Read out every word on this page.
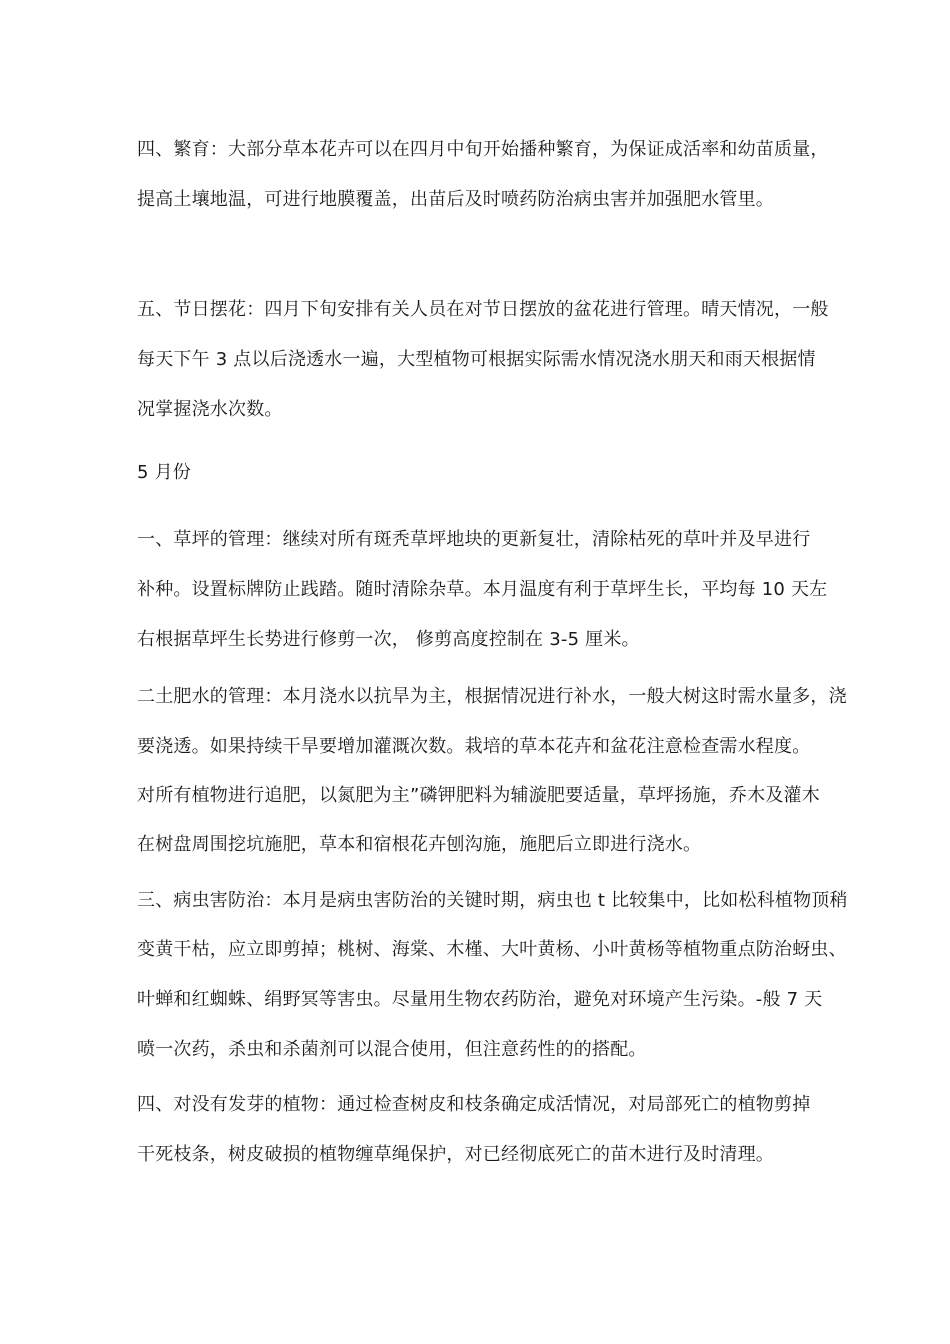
四、繁育：大部分草本花卉可以在四月中旬开始播种繁育，为保证成活率和幼苗质量，
提高土壤地温，可进行地膜覆盖，出苗后及时喷药防治病虫害并加强肥水管里。
五、节日摆花：四月下旬安排有关人员在对节日摆放的盆花进行管理。晴天情况，一般
每天下午 3 点以后浇透水一遍，大型植物可根据实际需水情况浇水朋天和雨天根据情
况掌握浇水次数。
5 月份
一、草坪的管理：继续对所有斑秃草坪地块的更新复壮，清除枯死的草叶并及早进行
补种。设置标牌防止践踏。随时清除杂草。本月温度有利于草坪生长，平均每 10 天左
右根据草坪生长势进行修剪一次， 修剪高度控制在 3-5 厘米。
二土肥水的管理：本月浇水以抗旱为主，根据情况进行补水，一般大树这时需水量多，浇
要浇透。如果持续干旱要增加灌溉次数。栽培的草本花卉和盆花注意检查需水程度。
对所有植物进行追肥，以氮肥为主”磷钾肥料为辅漩肥要适量，草坪扬施，乔木及灌木
在树盘周围挖坑施肥，草本和宿根花卉刨沟施，施肥后立即进行浇水。
三、病虫害防治：本月是病虫害防治的关键时期，病虫也 t 比较集中，比如松科植物顶稍
变黄干枯，应立即剪掉；桃树、海棠、木槿、大叶黄杨、小叶黄杨等植物重点防治蚜虫、
叶蝉和红蜘蛛、绢野冥等害虫。尽量用生物农药防治，避免对环境产生污染。-般 7 天
喷一次药，杀虫和杀菌剂可以混合使用，但注意药性的的搭配。
四、对没有发芽的植物：通过检查树皮和枝条确定成活情况，对局部死亡的植物剪掉
干死枝条，树皮破损的植物缠草绳保护，对已经彻底死亡的苗木进行及时清理。
